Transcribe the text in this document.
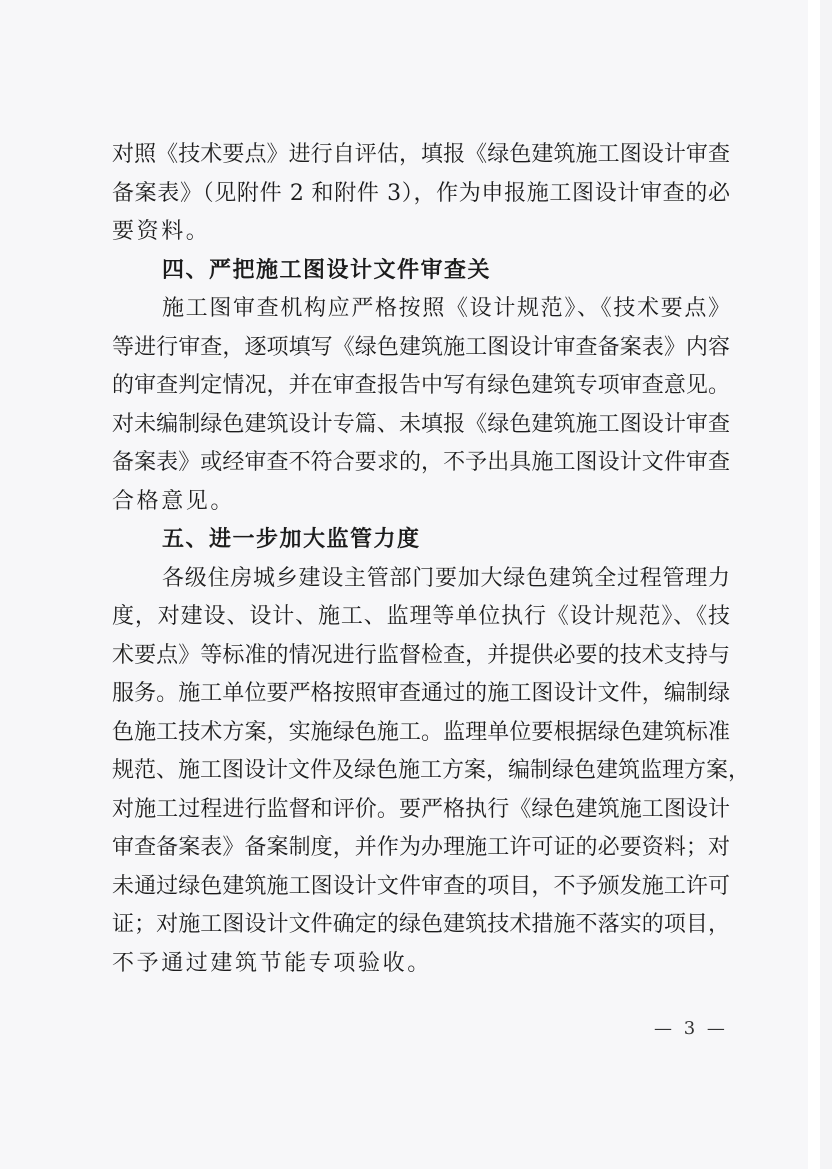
对照《技术要点》进行自评估，填报《绿色建筑施工图设计审查
备案表》（见附件 2 和附件 3），作为申报施工图设计审查的必
要资料。
四、严把施工图设计文件审查关
施工图审查机构应严格按照《设计规范》、《技术要点》
等进行审查，逐项填写《绿色建筑施工图设计审查备案表》内容
的审查判定情况，并在审查报告中写有绿色建筑专项审查意见。
对未编制绿色建筑设计专篇、未填报《绿色建筑施工图设计审查
备案表》或经审查不符合要求的，不予出具施工图设计文件审查
合格意见。
五、进一步加大监管力度
各级住房城乡建设主管部门要加大绿色建筑全过程管理力
度，对建设、设计、施工、监理等单位执行《设计规范》、《技
术要点》等标准的情况进行监督检查，并提供必要的技术支持与
服务。施工单位要严格按照审查通过的施工图设计文件，编制绿
色施工技术方案，实施绿色施工。监理单位要根据绿色建筑标准
规范、施工图设计文件及绿色施工方案，编制绿色建筑监理方案，
对施工过程进行监督和评价。要严格执行《绿色建筑施工图设计
审查备案表》备案制度，并作为办理施工许可证的必要资料；对
未通过绿色建筑施工图设计文件审查的项目，不予颁发施工许可
证；对施工图设计文件确定的绿色建筑技术措施不落实的项目，
不予通过建筑节能专项验收。
— 3 —
